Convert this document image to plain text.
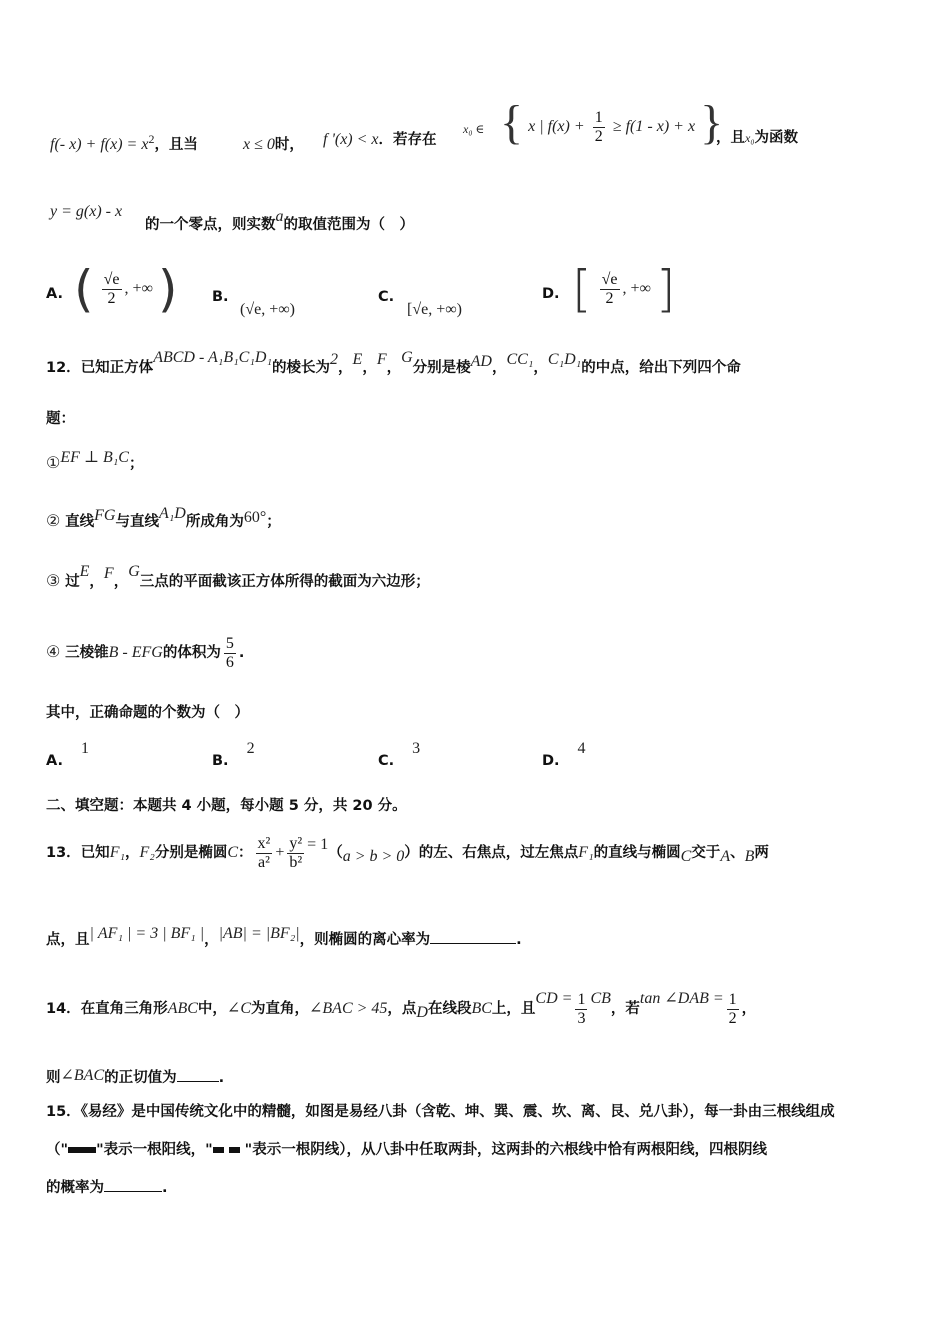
f(- $x) + f(x) = x^2$，且当	x ≤ 0时， f '(x) < x．若存在
x₀ ∈ { x | $f(x) + \frac{1}{2} \ge f(1 - x) + x$ }
，且x₀为函数
y = g(x) - x
的一个零点，则实数a的取值范围为（　）
A. ( $\frac{√e}{2}$ , +∞ ) B.
(√e, +∞)
C.
[√e, +∞)
D. [ $\frac{√e}{2}$ , +∞ ]
12．已知正方体ABCD - A₁B₁C₁D₁的棱长为2，E，F，G分别是棱AD，CC₁，C₁D₁的中点，给出下列四个命
题：
①EF ⊥ B₁C；
② 直线FG与直线A₁D所成角为60°；
③ 过E，F，G三点的平面截该正方体所得的截面为六边形；
④ 三棱锥B - EFG的体积为 $\frac{5}{6}$ .
其中，正确命题的个数为（　）
A.1
B.2
C.3
D.4
二、填空题：本题共 4 小题，每小题 5 分，共 20 分。
13．已知F₁，F₂分别是椭圆C： $\frac{\text{x²}}{\text{a²}} + \frac{\text{y²}}{\text{b²}} = 1(a > b > 0)$的左、右焦点，过左焦点F₁的直线与椭圆C交于A、B两
点，且| AF₁ | = 3 | BF₁ |，|AB| = |BF₂|，则椭圆的离心率为	.
14．在直角三角形ABC中，∠C为直角，∠BAC > 45，点D在线段BC上，且CD = $\frac{1}{3}$ CB，若tan ∠DAB = $\frac{1}{2}$ ，
则∠BAC的正切值为	.
15．《易经》是中国传统文化中的精髓，如图是易经八卦（含乾、坤、巽、震、坎、离、艮、兑八卦），每一卦由三根线组成
（" "表示一根阳线，" "表示一根阴线），从八卦中任取两卦，这两卦的六根线中恰有两根阳线，四根阴线
的概率为	.
